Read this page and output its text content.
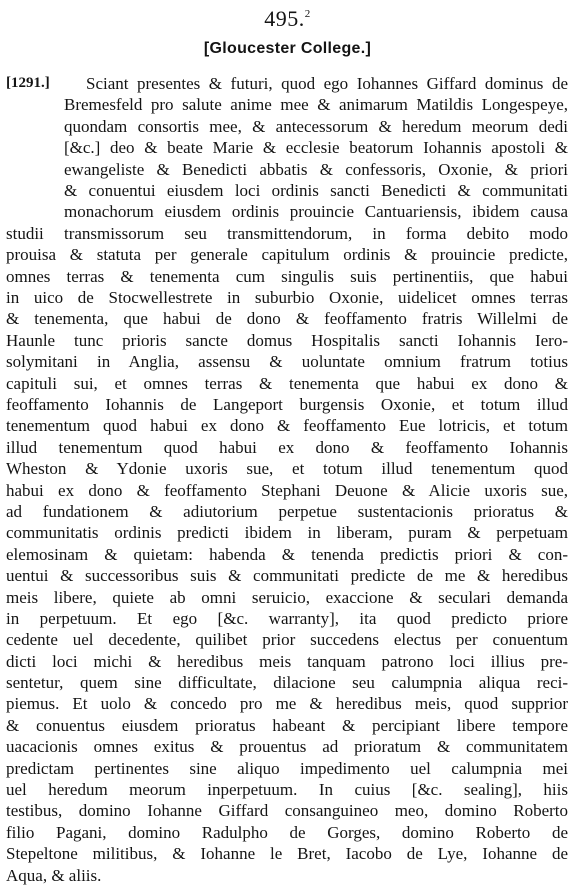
495.$^2$
[Gloucester College.]
[1291.] Sciant presentes & futuri, quod ego Iohannes Giffard dominus de
Bremesfeld pro salute anime mee & animarum Matildis Longespeye,
quondam consortis mee, & antecessorum & heredum meorum dedi
[&c.] deo & beate Marie & ecclesie beatorum Iohannis apostoli &
ewangeliste & Benedicti abbatis & confessoris, Oxonie, & priori
& conuentui eiusdem loci ordinis sancti Benedicti & communitati
monachorum eiusdem ordinis prouincie Cantuariensis, ibidem causa
studii transmissorum seu transmittendorum, in forma debito modo
prouisa & statuta per generale capitulum ordinis & prouincie predicte,
omnes terras & tenementa cum singulis suis pertinentiis, que habui
in uico de Stocwellestrete in suburbio Oxonie, uidelicet omnes terras
& tenementa, que habui de dono & feoffamento fratris Willelmi de
Haunle tunc prioris sancte domus Hospitalis sancti Iohannis Iero-
solymitani in Anglia, assensu & uoluntate omnium fratrum totius
capituli sui, et omnes terras & tenementa que habui ex dono &
feoffamento Iohannis de Langeport burgensis Oxonie, et totum illud
tenementum quod habui ex dono & feoffamento Eue lotricis, et totum
illud tenementum quod habui ex dono & feoffamento Iohannis
Wheston & Ydonie uxoris sue, et totum illud tenementum quod
habui ex dono & feoffamento Stephani Deuone & Alicie uxoris sue,
ad fundationem & adiutorium perpetue sustentacionis prioratus &
communitatis ordinis predicti ibidem in liberam, puram & perpetuam
elemosinam & quietam: habenda & tenenda predictis priori & con-
uentui & successoribus suis & communitati predicte de me & heredibus
meis libere, quiete ab omni seruicio, exaccione & seculari demanda
in perpetuum. Et ego [&c. warranty], ita quod predicto priore
cedente uel decedente, quilibet prior succedens electus per conuentum
dicti loci michi & heredibus meis tanquam patrono loci illius pre-
sentetur, quem sine difficultate, dilacione seu calumpnia aliqua reci-
piemus. Et uolo & concedo pro me & heredibus meis, quod supprior
& conuentus eiusdem prioratus habeant & percipiant libere tempore
uacacionis omnes exitus & prouentus ad prioratum & communitatem
predictam pertinentes sine aliquo impedimento uel calumpnia mei
uel heredum meorum inperpetuum. In cuius [&c. sealing], hiis
testibus, domino Iohanne Giffard consanguineo meo, domino Roberto
filio Pagani, domino Radulpho de Gorges, domino Roberto de
Stepeltone militibus, & Iohanne le Bret, Iacobo de Lye, Iohanne de
Aqua, & aliis.
